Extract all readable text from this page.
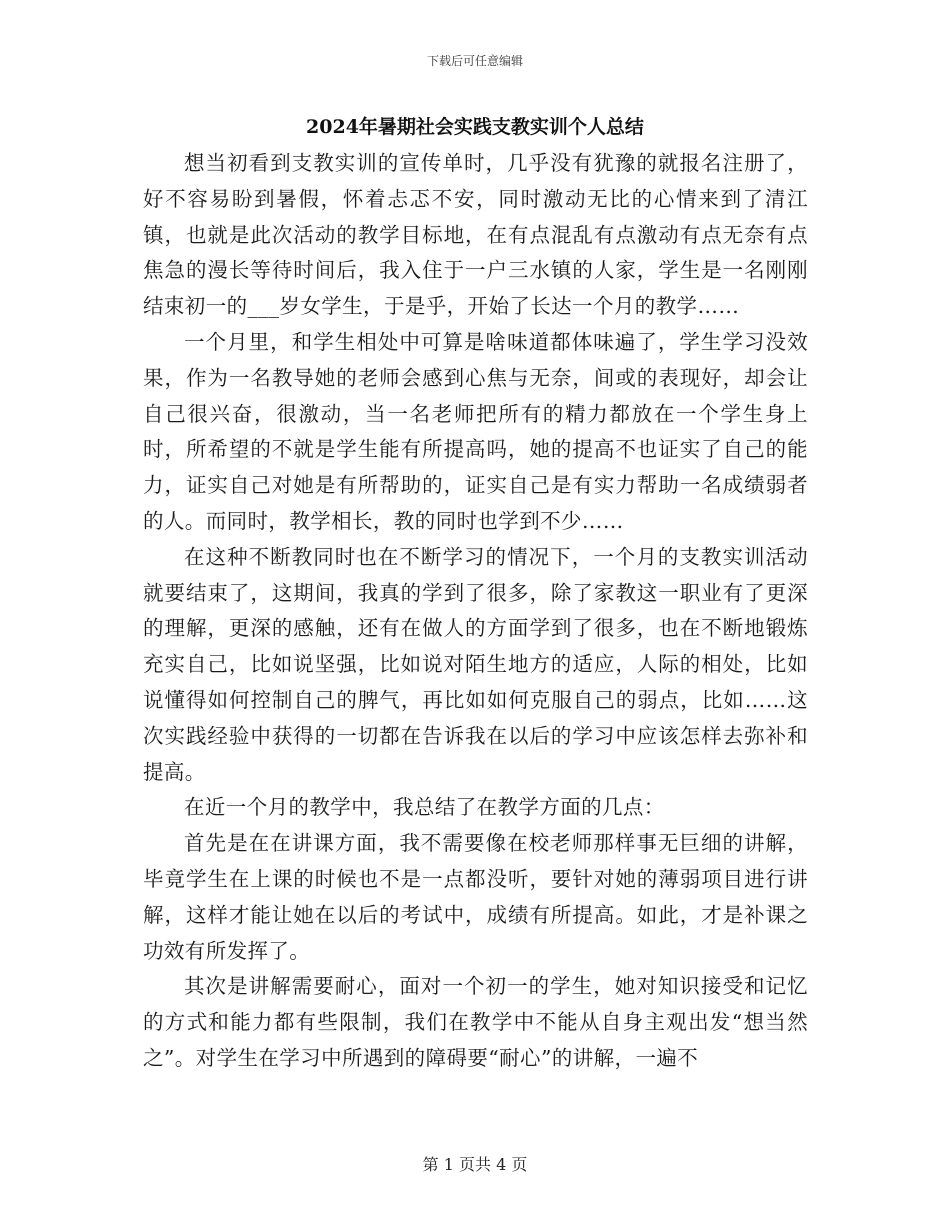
下载后可任意编辑
2024年暑期社会实践支教实训个人总结

想当初看到支教实训的宣传单时，几乎没有犹豫的就报名注册了，好不容易盼到暑假，怀着忐忑不安，同时激动无比的心情来到了清江镇，也就是此次活动的教学目标地，在有点混乱有点激动有点无奈有点焦急的漫长等待时间后，我入住于一户三水镇的人家，学生是一名刚刚结束初一的___岁女学生，于是乎，开始了长达一个月的教学……

一个月里，和学生相处中可算是啥味道都体味遍了，学生学习没效果，作为一名教导她的老师会感到心焦与无奈，间或的表现好，却会让自己很兴奋，很激动，当一名老师把所有的精力都放在一个学生身上时，所希望的不就是学生能有所提高吗，她的提高不也证实了自己的能力，证实自己对她是有所帮助的，证实自己是有实力帮助一名成绩弱者的人。而同时，教学相长，教的同时也学到不少……

在这种不断教同时也在不断学习的情况下，一个月的支教实训活动就要结束了，这期间，我真的学到了很多，除了家教这一职业有了更深的理解，更深的感触，还有在做人的方面学到了很多，也在不断地锻炼充实自己，比如说坚强，比如说对陌生地方的适应，人际的相处，比如说懂得如何控制自己的脾气，再比如如何克服自己的弱点，比如……这次实践经验中获得的一切都在告诉我在以后的学习中应该怎样去弥补和提高。

在近一个月的教学中，我总结了在教学方面的几点：

首先是在在讲课方面，我不需要像在校老师那样事无巨细的讲解，毕竟学生在上课的时候也不是一点都没听，要针对她的薄弱项目进行讲解，这样才能让她在以后的考试中，成绩有所提高。如此，才是补课之功效有所发挥了。

其次是讲解需要耐心，面对一个初一的学生，她对知识接受和记忆的方式和能力都有些限制，我们在教学中不能从自身主观出发“想当然之”。对学生在学习中所遇到的障碍要“耐心”的讲解，一遍不

第 1 页共 4 页
